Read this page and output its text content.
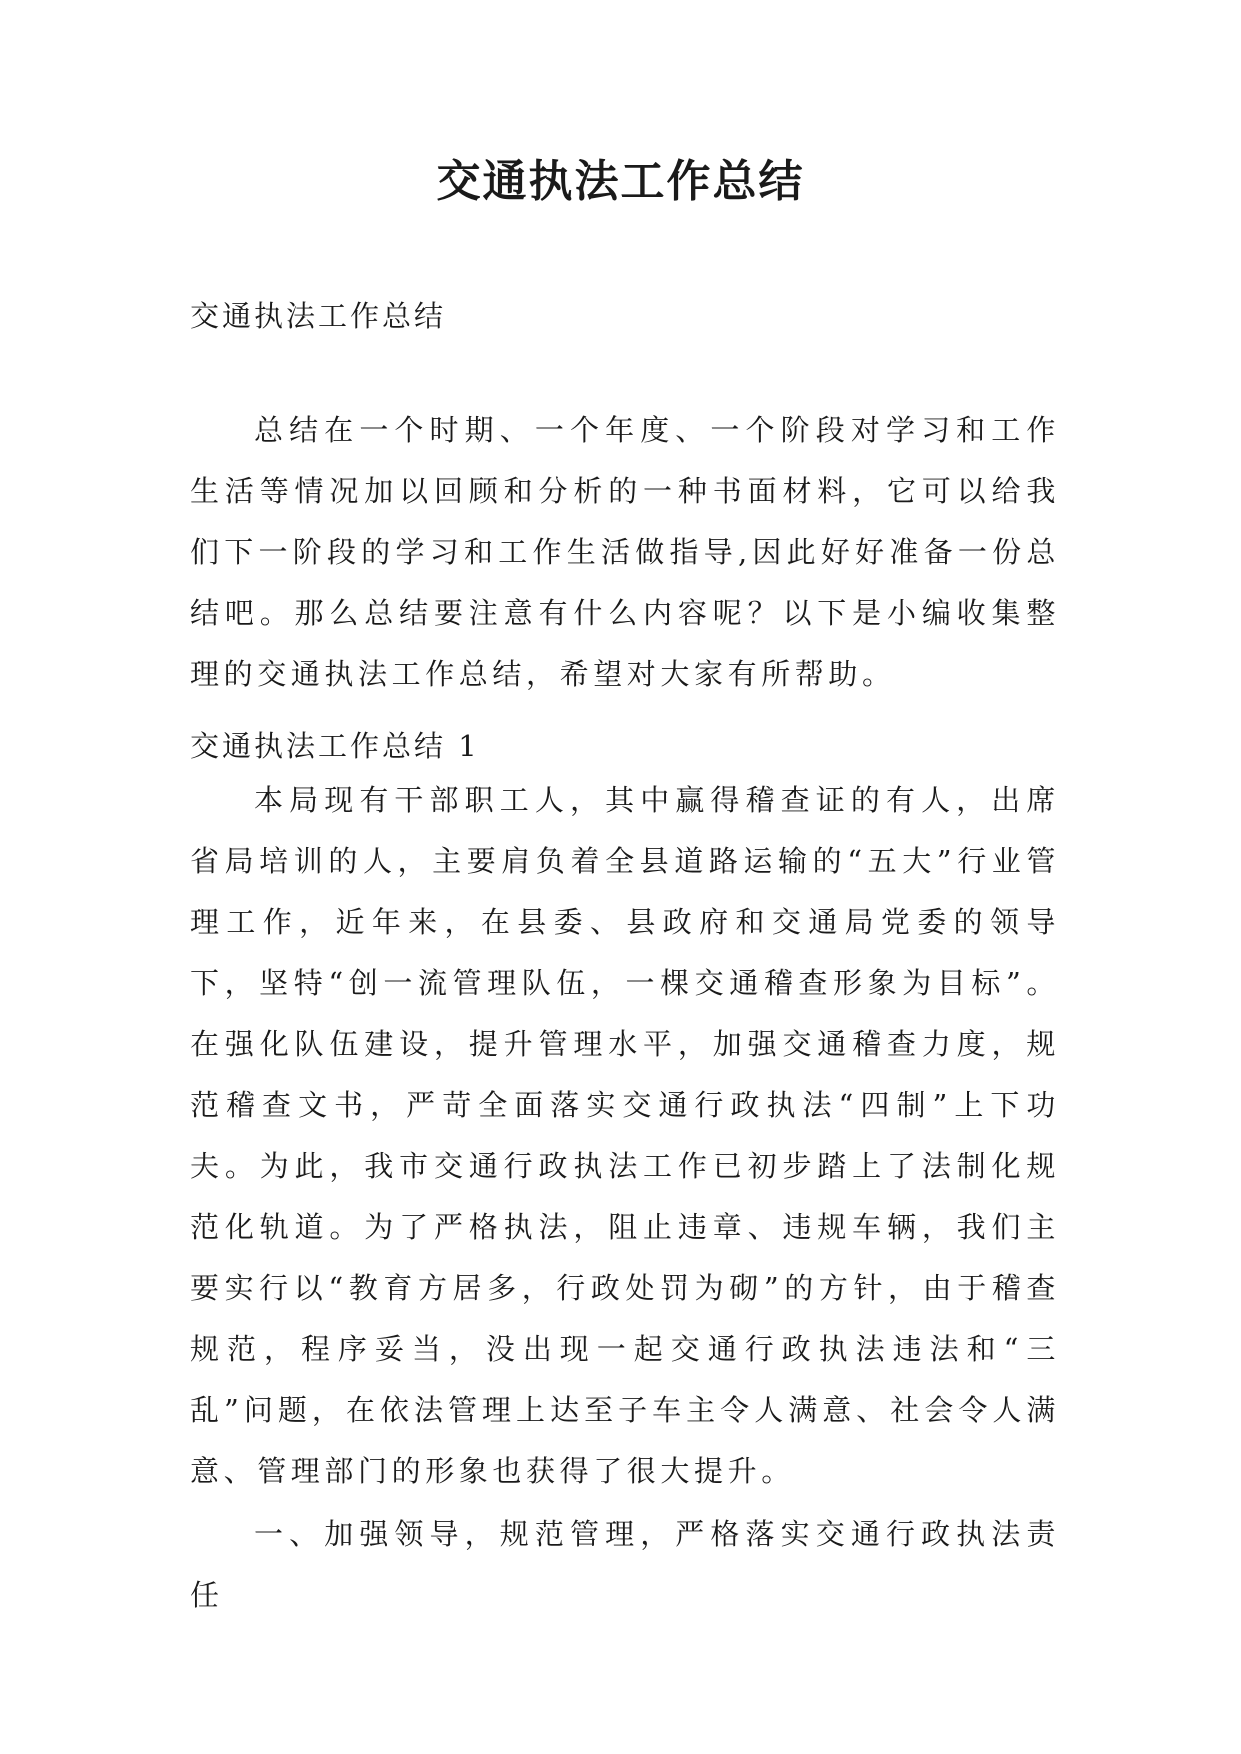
交通执法工作总结

交通执法工作总结

总结在一个时期、一个年度、一个阶段对学习和工作生活等情况加以回顾和分析的一种书面材料，它可以给我们下一阶段的学习和工作生活做指导,因此好好准备一份总结吧。那么总结要注意有什么内容呢？以下是小编收集整理的交通执法工作总结，希望对大家有所帮助。

交通执法工作总结 1

本局现有干部职工人，其中赢得稽查证的有人，出席省局培训的人，主要肩负着全县道路运输的“五大”行业管理工作，近年来，在县委、县政府和交通局党委的领导下，坚特“创一流管理队伍，一棵交通稽查形象为目标”。在强化队伍建设，提升管理水平，加强交通稽查力度，规范稽查文书，严苛全面落实交通行政执法“四制”上下功夫。为此，我市交通行政执法工作已初步踏上了法制化规范化轨道。为了严格执法，阻止违章、违规车辆，我们主要实行以“教育方居多，行政处罚为砌”的方针，由于稽查规范，程序妥当，没出现一起交通行政执法违法和“三乱”问题，在依法管理上达至子车主令人满意、社会令人满意、管理部门的形象也获得了很大提升。

一、加强领导，规范管理，严格落实交通行政执法责任
